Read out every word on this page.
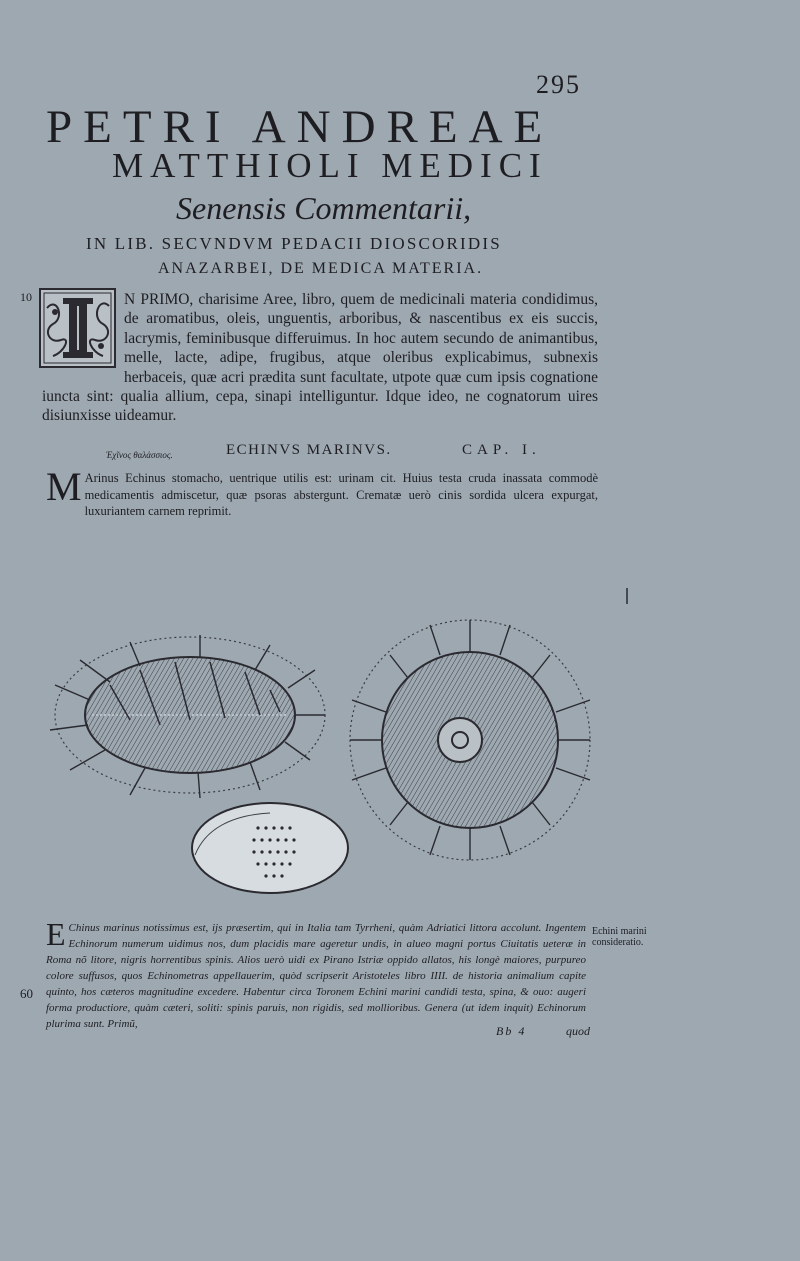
295
PETRI ANDREAE
MATTHIOLI MEDICI
Senensis Commentarii,
IN LIB. SECVNDVM PEDACII DIOSCORIDIS
ANAZARBEI, DE MEDICA MATERIA.
10	N PRIMO, charisime Aree, libro, quem de medicinali materia condidimus, de aromatibus, oleis, unguentis, arboribus, & nascentibus ex eis succis, lacrymis, feminibusque differuimus. In hoc autem secundo de animantibus, melle, lacte, adipe, frugibus, atque oleribus explicabimus, subnexis herbaceis, quæ acri prædita sunt facultate, utpote quæ cum ipsis cognatione iuncta sint: qualia allium, cepa, sinapi intelliguntur. Idque ideo, ne cognatorum uires disiunxisse uideamur.

Ἐχῖνος θαλάσσιος.	ECHINVS MARINVS.	CAP. I.

M Arinus Echinus stomacho, uentrique utilis est: urinam cit. Huius testa cruda inassata commodè medicamentis admiscetur, quæ psoras abstergunt. Crematæ uerò cinis sordida ulcera expurgat, luxuriantem carnem reprimit.

E Chinus marinus notissimus est, ijs præsertim, qui in Italia tam Tyrrheni, quàm Adriatici littora accolunt. Ingentem Echinorum numerum uidimus nos, dum placidis mare ageretur undis, in alueo magni portus Ciuitatis ueteræ in Roma nõ litore, nigris horrentibus spinis. Alios uerò uidi ex Pirano Istriæ oppido allatos, his longè maiores, purpureo colore suffusos, quos Echinometras appellauerim, quòd scripserit Aristoteles libro IIII. de historia animalium capite quinto, hos cæteros magnitudine excedere. Habentur circa Toronem Echini marini candidi testa, spina, & ouo: augeri forma productiore, quàm cæteri, soliti: spinis paruis, non rigidis, sed mollioribus. Genera (ut idem inquit) Echinorum plurima sunt. Primũ,

Echini marini consideratio.
60
Bb 4	quod
